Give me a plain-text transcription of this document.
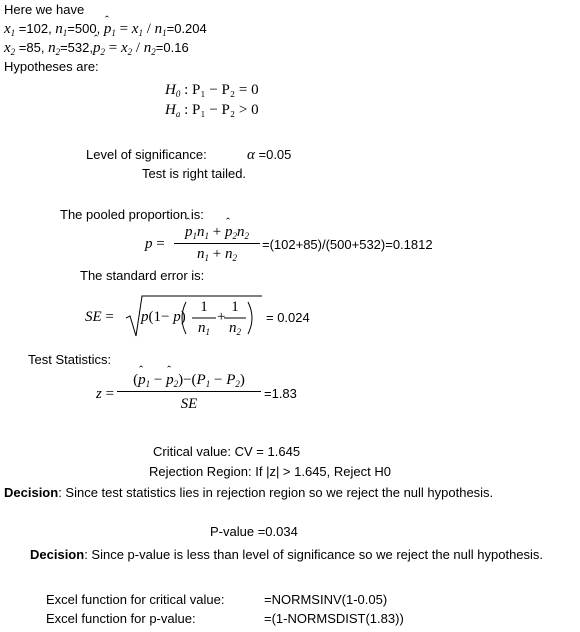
Here we have
$x_1 =102$, $n_1=500$, ˆ $p_1 = x_1 / n_1=0.204$
$x_2 =85$, $n_2=532,ˆ$ $p_2 = x_2 / n_2=0.16$
Hypotheses are:
$H_0$ : P₁ − P₂ = 0
$H_a$ : P₁ − P₂ > 0
Level of significance:	α =0.05
Test is right tailed.
The pooled proportion is:
p =
ˆ $p_1n_1$ + ˆ $p_2n_2$
$n_1 + n_2$
=(102+85)/(500+532)=0.1812
The standard error is:
SE = p(1− p)
1
$n_1$
+
1
$n_2$
= 0.024
Test Statistics:
z =
(ˆ $p_1$ − ˆ $p_2)-(P_1 - P_2)$
SE
=1.83
Critical value: CV = 1.645
Rejection Region: If |z| > 1.645, Reject H0
Decision: Since test statistics lies in rejection region so we reject the null hypothesis.
P-value =0.034
Decision: Since p-value is less than level of significance so we reject the null hypothesis.
Excel function for critical value:	=NORMSINV(1-0.05)
Excel function for p-value:	=(1-NORMSDIST(1.83))
